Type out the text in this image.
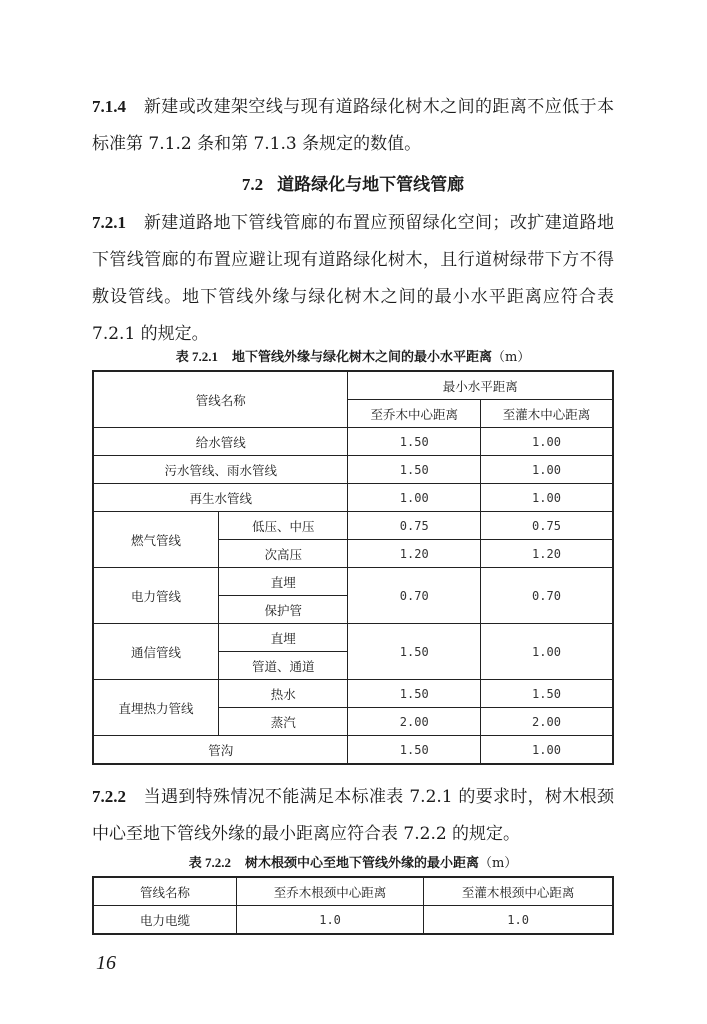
7.1.4　 新建或改建架空线与现有道路绿化树木之间的距离不应低于本标准第 7.1.2 条和第 7.1.3 条规定的数值。

7.2 道路绿化与地下管线管廊

7.2.1　 新建道路地下管线管廊的布置应预留绿化空间；改扩建道路地下管线管廊的布置应避让现有道路绿化树木，且行道树绿带下方不得敷设管线。地下管线外缘与绿化树木之间的最小水平距离应符合表 7.2.1 的规定。

表 7.2.1 地下管线外缘与绿化树木之间的最小水平距离（m）

管线名称		最小水平距离	
		至乔木中心距离	至灌木中心距离
给水管线		1.50	1.00
污水管线、雨水管线		1.50	1.00
再生水管线		1.00	1.00
燃气管线	低压、中压	0.75	0.75
	次高压	1.20	1.20
电力管线	直埋	0.70	0.70
	保护管		
通信管线	直埋	1.50	1.00
	管道、通道		
直埋热力管线	热水	1.50	1.50
	蒸汽	2.00	2.00
管沟		1.50	1.00

7.2.2　 当遇到特殊情况不能满足本标准表 7.2.1 的要求时，树木根颈中心至地下管线外缘的最小距离应符合表 7.2.2 的规定。

表 7.2.2 树木根颈中心至地下管线外缘的最小距离（m）

管线名称	至乔木根颈中心距离	至灌木根颈中心距离
电力电缆	1.0	1.0
16
